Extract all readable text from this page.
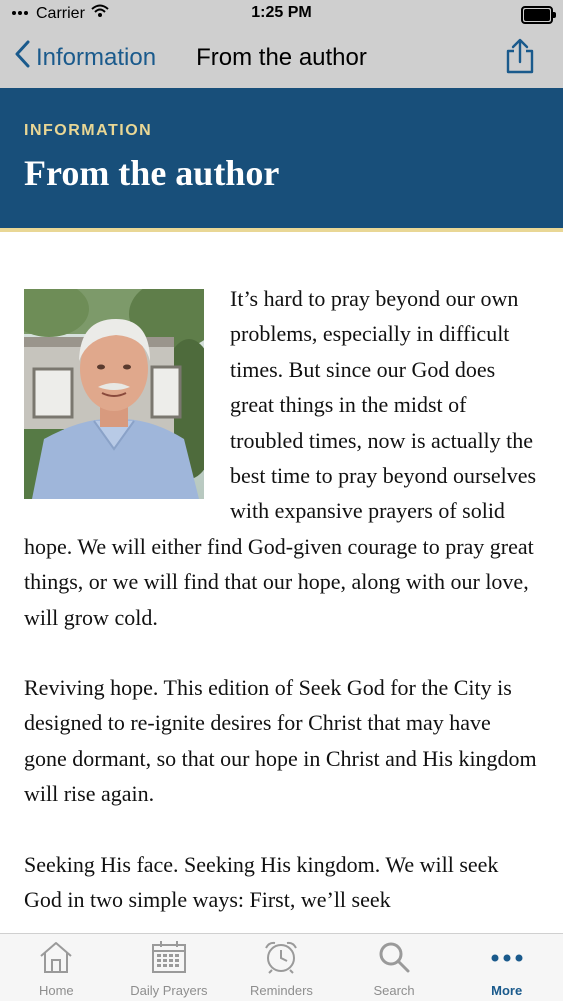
Carrier	1:25 PM
Information	From the author
INFORMATION
From the author

It’s hard to pray beyond our own problems, especially in difficult times. But since our God does great things in the midst of troubled times, now is actually the best time to pray beyond ourselves with expansive prayers of solid hope. We will either find God-given courage to pray great things, or we will find that our hope, along with our love, will grow cold.

Reviving hope. This edition of Seek God for the City is designed to re-ignite desires for Christ that may have gone dormant, so that our hope in Christ and His kingdom will rise again.

Seeking His face. Seeking His kingdom. We will seek God in two simple ways: First, we’ll seek

Home	Daily Prayers	Reminders	Search	More
